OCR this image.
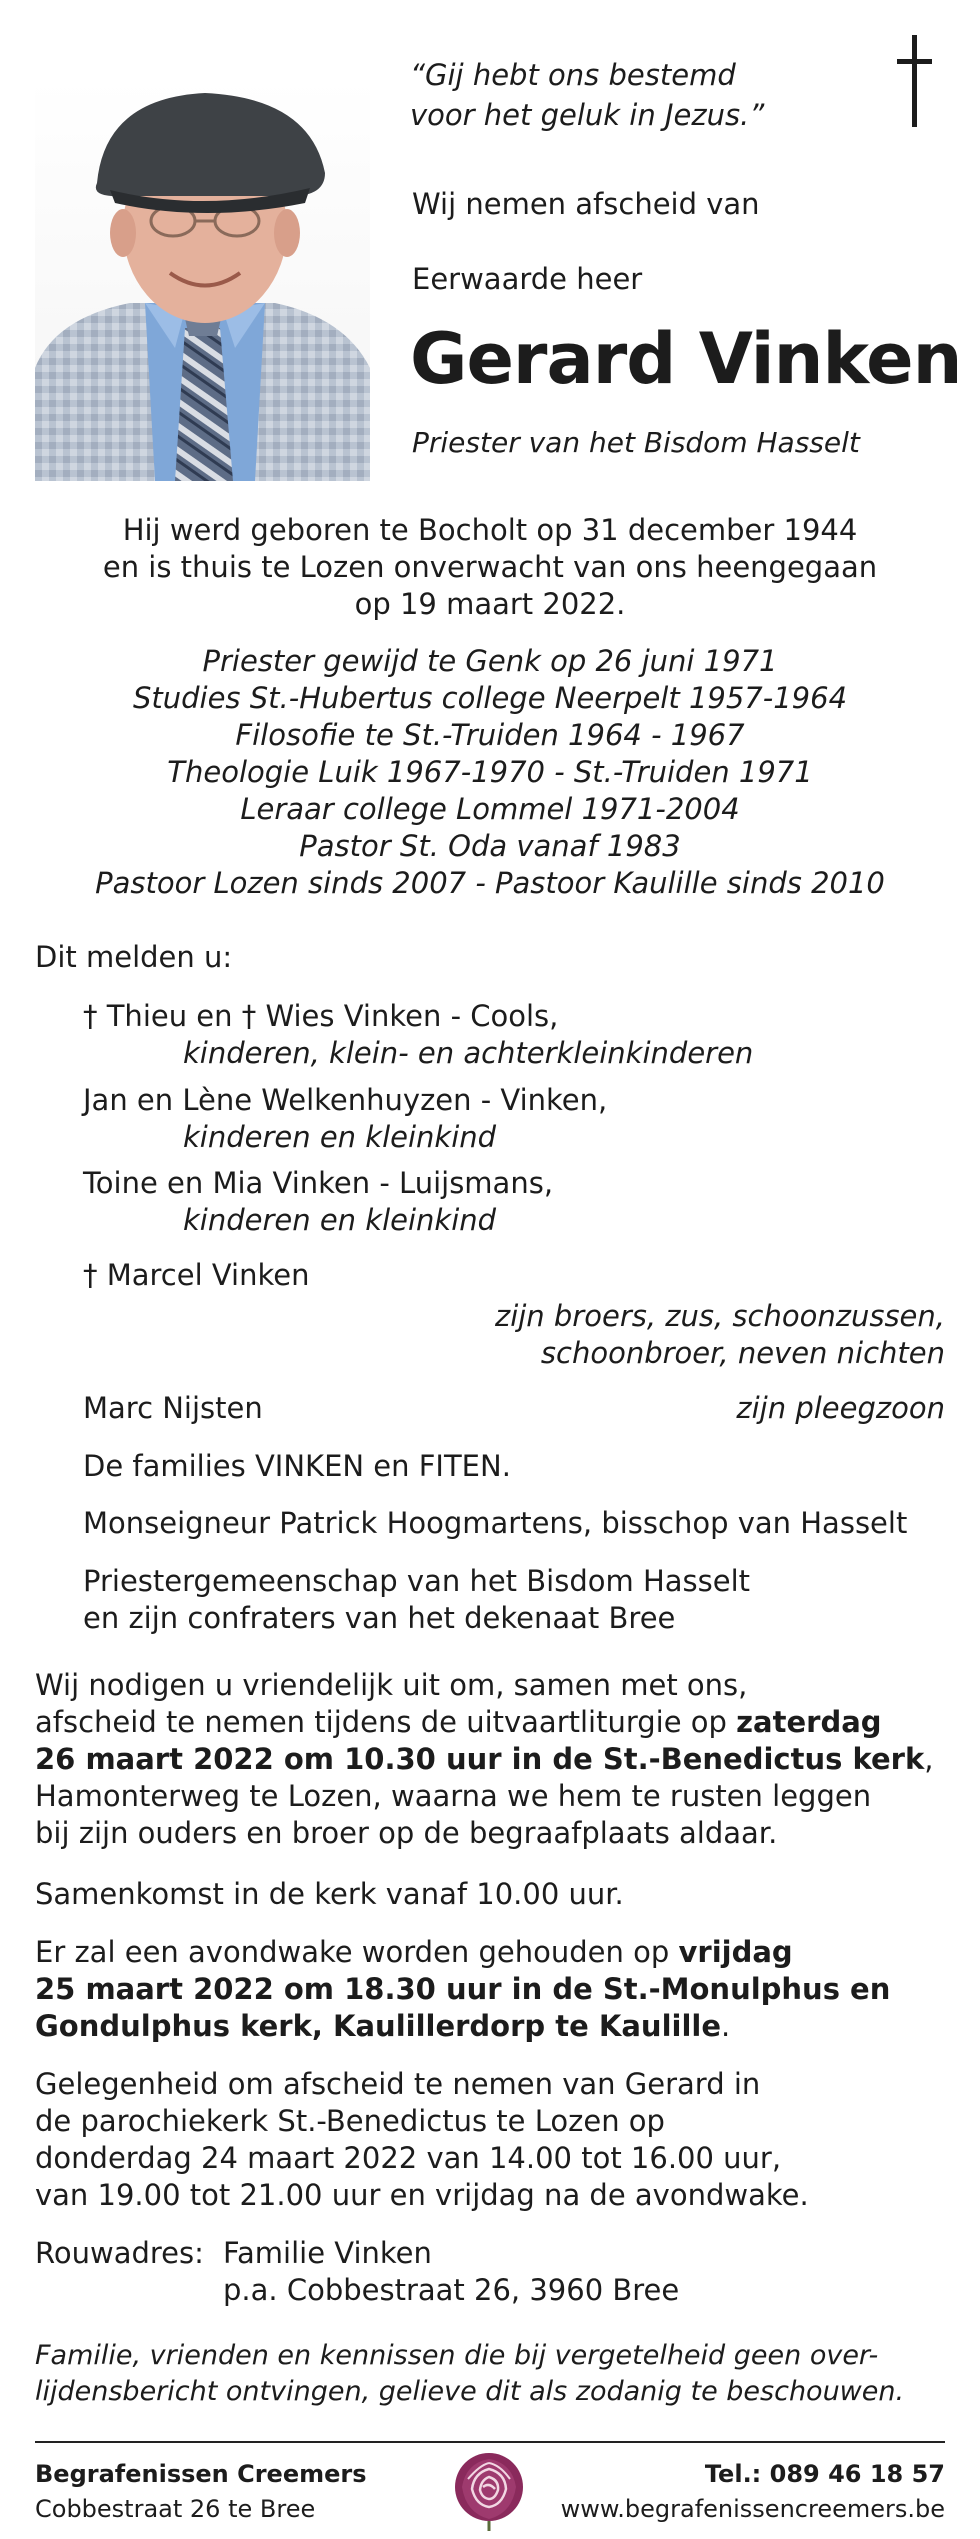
“Gij hebt ons bestemd
voor het geluk in Jezus.”
Wij nemen afscheid van
Eerwaarde heer
Gerard Vinken
Priester van het Bisdom Hasselt
Hij werd geboren te Bocholt op 31 december 1944
en is thuis te Lozen onverwacht van ons heengegaan
op 19 maart 2022.
Priester gewijd te Genk op 26 juni 1971
Studies St.-Hubertus college Neerpelt 1957-1964
Filosofie te St.-Truiden 1964 - 1967
Theologie Luik 1967-1970 - St.-Truiden 1971
Leraar college Lommel 1971-2004
Pastor St. Oda vanaf 1983
Pastoor Lozen sinds 2007 - Pastoor Kaulille sinds 2010
Dit melden u:
† Thieu en † Wies Vinken - Cools,
kinderen, klein- en achterkleinkinderen
Jan en Lène Welkenhuyzen - Vinken,
kinderen en kleinkind
Toine en Mia Vinken - Luijsmans,
kinderen en kleinkind
† Marcel Vinken
zijn broers, zus, schoonzussen,
schoonbroer, neven nichten
Marc Nijsten	zijn pleegzoon
De families VINKEN en FITEN.
Monseigneur Patrick Hoogmartens, bisschop van Hasselt
Priestergemeenschap van het Bisdom Hasselt
en zijn confraters van het dekenaat Bree
Wij nodigen u vriendelijk uit om, samen met ons,
afscheid te nemen tijdens de uitvaartliturgie op zaterdag
26 maart 2022 om 10.30 uur in de St.-Benedictus kerk,
Hamonterweg te Lozen, waarna we hem te rusten leggen
bij zijn ouders en broer op de begraafplaats aldaar.
Samenkomst in de kerk vanaf 10.00 uur.
Er zal een avondwake worden gehouden op vrijdag
25 maart 2022 om 18.30 uur in de St.-Monulphus en
Gondulphus kerk, Kaulillerdorp te Kaulille.
Gelegenheid om afscheid te nemen van Gerard in
de parochiekerk St.-Benedictus te Lozen op
donderdag 24 maart 2022 van 14.00 tot 16.00 uur,
van 19.00 tot 21.00 uur en vrijdag na de avondwake.
Rouwadres: Familie Vinken
p.a. Cobbestraat 26, 3960 Bree
Familie, vrienden en kennissen die bij vergetelheid geen over-
lijdensbericht ontvingen, gelieve dit als zodanig te beschouwen.
Begrafenissen Creemers
Cobbestraat 26 te Bree
Tel.: 089 46 18 57
www.begrafenissencreemers.be
